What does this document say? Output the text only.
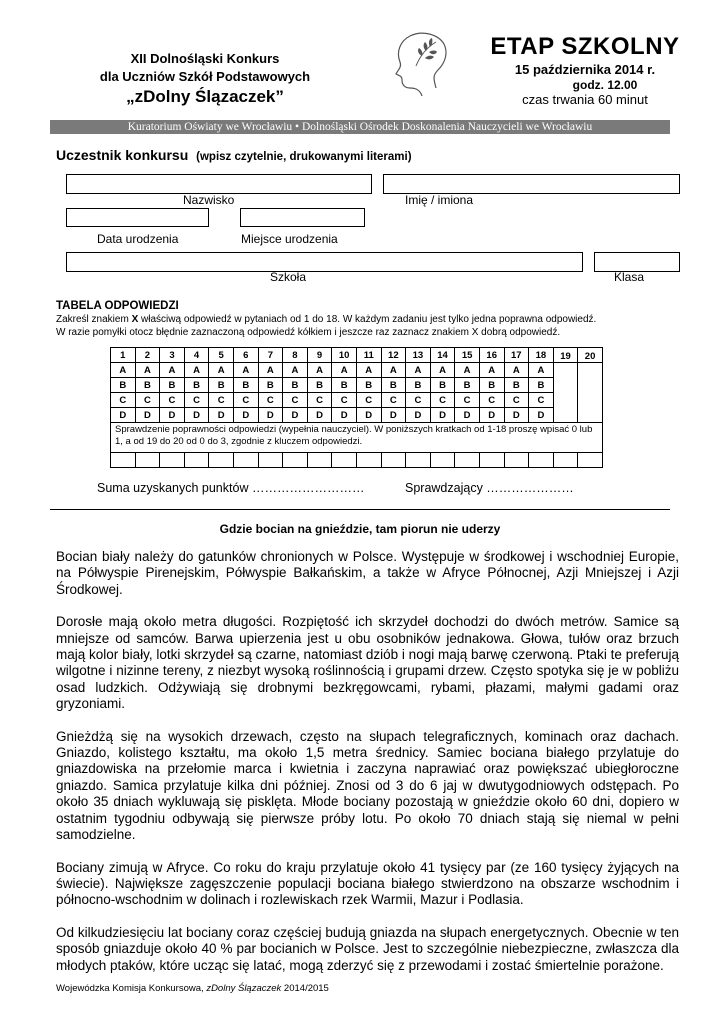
XII Dolnośląski Konkurs
dla Uczniów Szkół Podstawowych
„zDolny Ślązaczek”
ETAP SZKOLNY
15 października 2014 r.
godz. 12.00
czas trwania 60 minut
Kuratorium Oświaty we Wrocławiu • Dolnośląski Ośrodek Doskonalenia Nauczycieli we Wrocławiu
Uczestnik konkursu (wpisz czytelnie, drukowanymi literami)
Nazwisko	Imię / imiona
Data urodzenia	Miejsce urodzenia
Szkoła	Klasa
TABELA ODPOWIEDZI
Zakreśl znakiem X właściwą odpowiedź w pytaniach od 1 do 18. W każdym zadaniu jest tylko jedna poprawna odpowiedź.
W razie pomyłki otocz błędnie zaznaczoną odpowiedź kółkiem i jeszcze raz zaznacz znakiem X dobrą odpowiedź.
1	2	3	4	5	6	7	8	9	10	11	12	13	14	15	16	17	18	19	20
A	A	A	A	A	A	A	A	A	A	A	A	A	A	A	A	A	A		
B	B	B	B	B	B	B	B	B	B	B	B	B	B	B	B	B	B		
C	C	C	C	C	C	C	C	C	C	C	C	C	C	C	C	C	C		
D	D	D	D	D	D	D	D	D	D	D	D	D	D	D	D	D	D		
Sprawdzenie poprawności odpowiedzi (wypełnia nauczyciel). W poniższych kratkach od 1-18 proszę wpisać 0 lub 1, a od 19 do 20 od 0 do 3, zgodnie z kluczem odpowiedzi.																			

Suma uzyskanych punktów ………………………	Sprawdzający …………………
Gdzie bocian na gnieździe, tam piorun nie uderzy

Bocian biały należy do gatunków chronionych w Polsce. Występuje w środkowej i wschodniej Europie, na Półwyspie Pirenejskim, Półwyspie Bałkańskim, a także w Afryce Północnej, Azji Mniejszej i Azji Środkowej.

Dorosłe mają około metra długości. Rozpiętość ich skrzydeł dochodzi do dwóch metrów. Samice są mniejsze od samców. Barwa upierzenia jest u obu osobników jednakowa. Głowa, tułów oraz brzuch mają kolor biały, lotki skrzydeł są czarne, natomiast dziób i nogi mają barwę czerwoną. Ptaki te preferują wilgotne i nizinne tereny, z niezbyt wysoką roślinnością i grupami drzew. Często spotyka się je w pobliżu osad ludzkich. Odżywiają się drobnymi bezkręgowcami, rybami, płazami, małymi gadami oraz gryzoniami.

Gnieżdżą się na wysokich drzewach, często na słupach telegraficznych, kominach oraz dachach. Gniazdo, kolistego kształtu, ma około 1,5 metra średnicy. Samiec bociana białego przylatuje do gniazdowiska na przełomie marca i kwietnia i zaczyna naprawiać oraz powiększać ubiegłoroczne gniazdo. Samica przylatuje kilka dni później. Znosi od 3 do 6 jaj w dwutygodniowych odstępach. Po około 35 dniach wykluwają się pisklęta. Młode bociany pozostają w gnieździe około 60 dni, dopiero w ostatnim tygodniu odbywają się pierwsze próby lotu. Po około 70 dniach stają się niemal w pełni samodzielne.

Bociany zimują w Afryce. Co roku do kraju przylatuje około 41 tysięcy par (ze 160 tysięcy żyjących na świecie). Największe zagęszczenie populacji bociana białego stwierdzono na obszarze wschodnim i północno-wschodnim w dolinach i rozlewiskach rzek Warmii, Mazur i Podlasia.

Od kilkudziesięciu lat bociany coraz częściej budują gniazda na słupach energetycznych. Obecnie w ten sposób gniazduje około 40 % par bocianich w Polsce. Jest to szczególnie niebezpieczne, zwłaszcza dla młodych ptaków, które ucząc się latać, mogą zderzyć się z przewodami i zostać śmiertelnie porażone.

Wojewódzka Komisja Konkursowa, zDolny Ślązaczek 2014/2015
